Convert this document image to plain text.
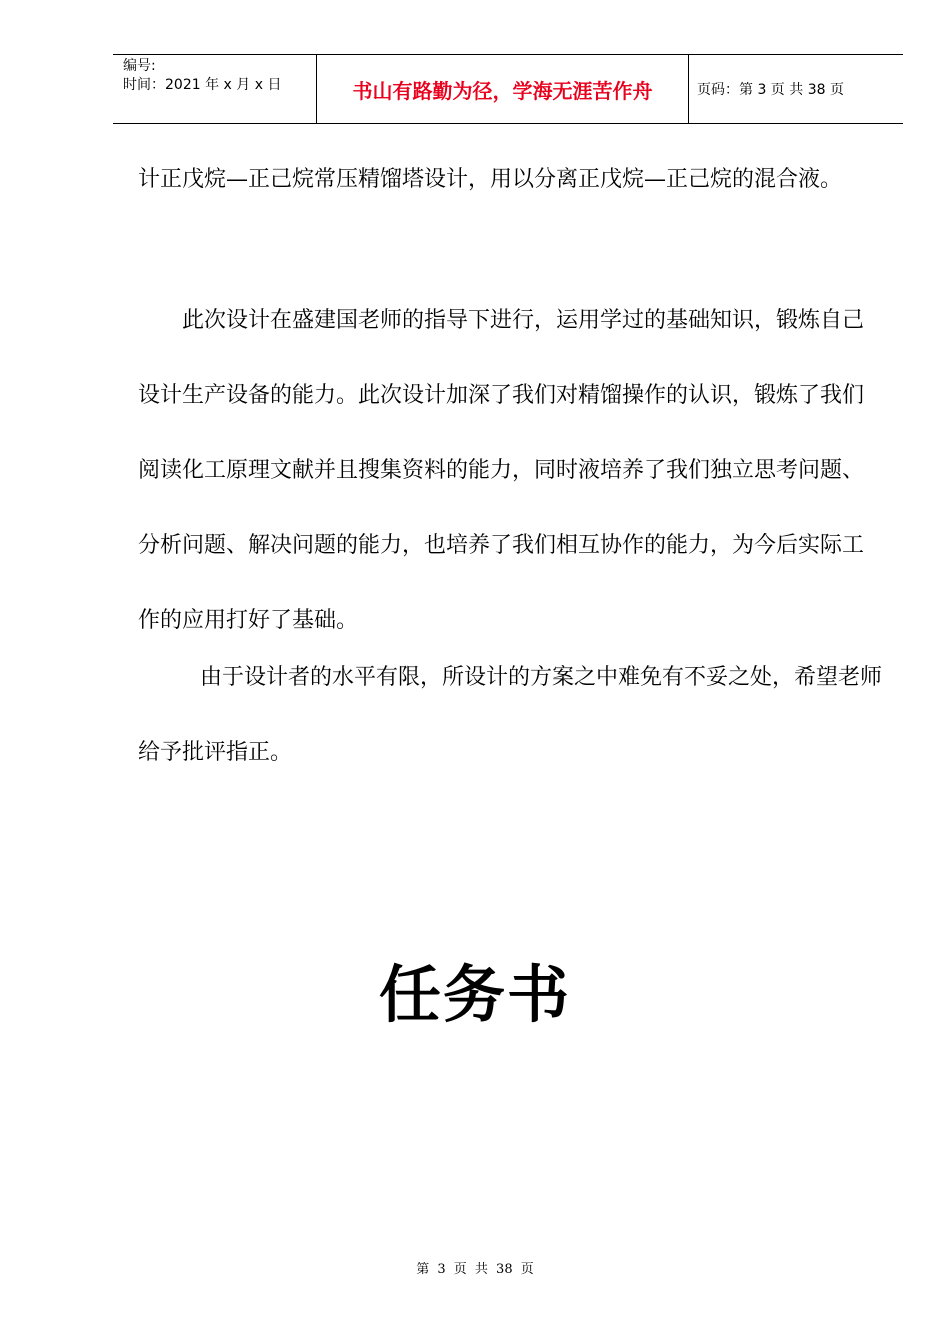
编号:
时间：2021 年 x 月 x 日	书山有路勤为径，学海无涯苦作舟	页码：第 3 页 共 38 页

计正戊烷—正己烷常压精馏塔设计，用以分离正戊烷—正己烷的混合液。

此次设计在盛建国老师的指导下进行，运用学过的基础知识，锻炼自己设计生产设备的能力。此次设计加深了我们对精馏操作的认识，锻炼了我们阅读化工原理文献并且搜集资料的能力，同时液培养了我们独立思考问题、分析问题、解决问题的能力，也培养了我们相互协作的能力，为今后实际工作的应用打好了基础。

由于设计者的水平有限，所设计的方案之中难免有不妥之处，希望老师给予批评指正。

任务书
第 3 页 共 38 页
